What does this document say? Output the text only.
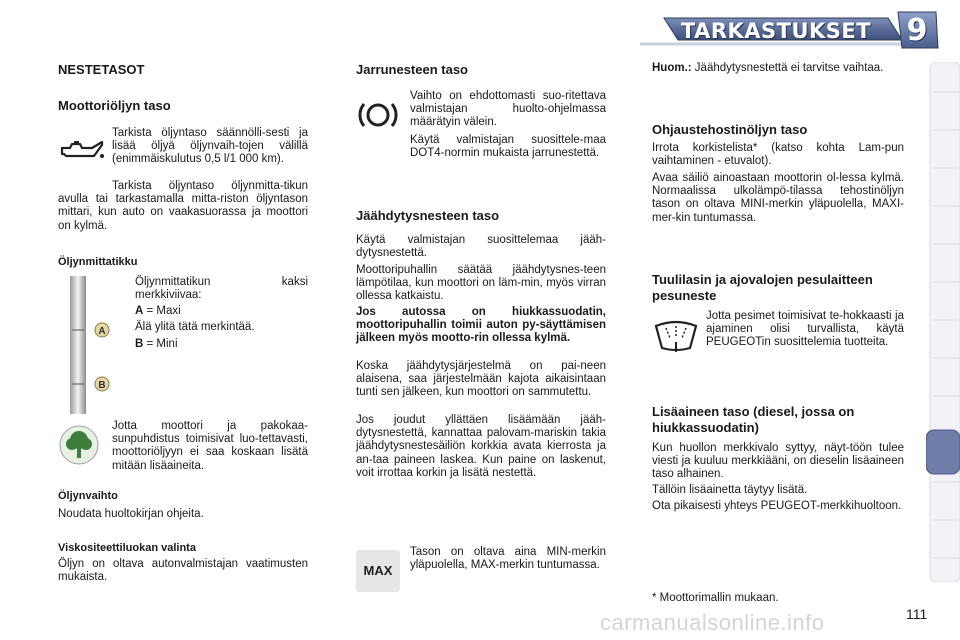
TARKASTUKSET	9
NESTETASOT
Moottoriöljyn taso
Tarkista öljyntaso säännölli-sesti ja lisää öljyä öljynvaih-tojen välillä (enimmäiskulutus 0,5 l/1 000 km).
Tarkista öljyntaso öljynmitta-tikun avulla tai tarkastamalla mitta-riston öljyntason mittari, kun auto on vaakasuorassa ja moottori on kylmä.
Öljynmittatikku
A
B
Öljynmittatikun kaksi merkkiviivaa:
A = Maxi
Älä ylitä tätä merkintää.
B = Mini
Jotta moottori ja pakokaa-sunpuhdistus toimisivat luo-tettavasti, moottoriöljyyn ei saa koskaan lisätä mitään lisäaineita.
Öljynvaihto
Noudata huoltokirjan ohjeita.
Viskositeettiluokan valinta
Öljyn on oltava autonvalmistajan vaatimusten mukaista.
Jarrunesteen taso
Vaihto on ehdottomasti suo-ritettava valmistajan huolto-ohjelmassa määrätyin välein.
Käytä valmistajan suosittele-maa DOT4-normin mukaista jarrunestettä.
Jäähdytysnesteen taso
Käytä valmistajan suosittelemaa jääh-dytysnestettä.
Moottoripuhallin säätää jäähdytysnes-teen lämpötilaa, kun moottori on läm-min, myös virran ollessa katkaistu.
Jos autossa on hiukkassuodatin, moottoripuhallin toimii auton py-säyttämisen jälkeen myös mootto-rin ollessa kylmä.
Koska jäähdytysjärjestelmä on pai-neen alaisena, saa järjestelmään kajota aikaisintaan tunti sen jälkeen, kun moottori on sammutettu.
Jos joudut yllättäen lisäämään jääh-dytysnestettä, kannattaa palovam-mariskin takia jäähdytysnestesäiliön korkkia avata kierrosta ja an-taa paineen laskea. Kun paine on laskenut, voit irrottaa korkin ja lisätä nestettä.
MAX
Tason on oltava aina MIN-merkin yläpuolella, MAX-merkin tuntumassa.
Huom.: Jäähdytysnestettä ei tarvitse vaihtaa.
Ohjaustehostinöljyn taso
Irrota korkistelista* (katso kohta Lam-pun vaihtaminen - etuvalot).
Avaa säiliö ainoastaan moottorin ol-lessa kylmä. Normaalissa ulkolämpö-tilassa tehostinöljyn tason on oltava MINI-merkin yläpuolella, MAXI-mer-kin tuntumassa.
Tuulilasin ja ajovalojen pesulaitteen pesuneste
Jotta pesimet toimisivat te-hokkaasti ja ajaminen olisi turvallista, käytä PEUGEOTin suosittelemia tuotteita.
Lisäaineen taso (diesel, jossa on hiukkassuodatin)
Kun huollon merkkivalo syttyy, näyt-töön tulee viesti ja kuuluu merkkiääni, on dieselin lisäaineen taso alhainen.
Tällöin lisäainetta täytyy lisätä.
Ota pikaisesti yhteys PEUGEOT-merkkihuoltoon.
* Moottorimallin mukaan.
carmanualsonline.info	111
